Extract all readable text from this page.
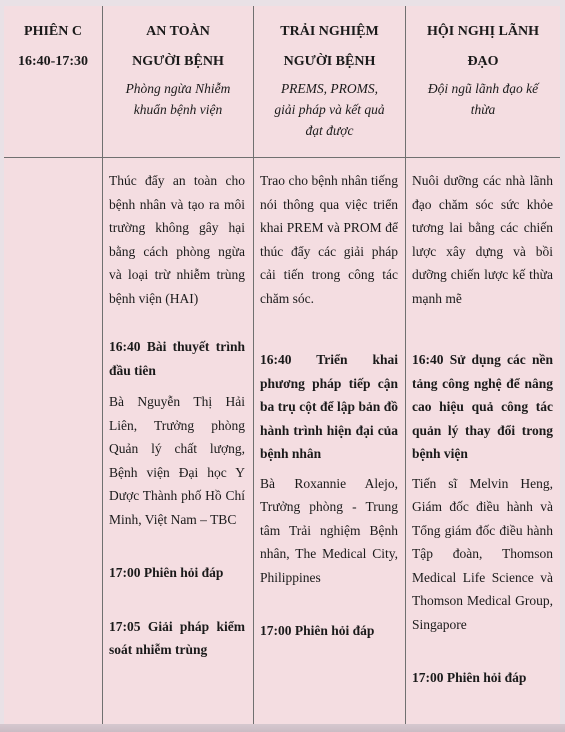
PHIÊN C
16:40-17:30
AN TOÀN
NGƯỜI BỆNH
Phòng ngừa Nhiễm khuẩn bệnh viện
TRẢI NGHIỆM
NGƯỜI BỆNH
PREMS, PROMS, giải pháp và kết quả đạt được
HỘI NGHỊ LÃNH
ĐẠO
Đội ngũ lãnh đạo kế thừa

Thúc đẩy an toàn cho bệnh nhân và tạo ra môi trường không gây hại bằng cách phòng ngừa và loại trừ nhiễm trùng bệnh viện (HAI)

16:40 Bài thuyết trình đầu tiên

Bà Nguyễn Thị Hải Liên, Trưởng phòng Quản lý chất lượng, Bệnh viện Đại học Y Dược Thành phố Hồ Chí Minh, Việt Nam – TBC

17:00 Phiên hỏi đáp

17:05 Giải pháp kiểm soát nhiễm trùng

Trao cho bệnh nhân tiếng nói thông qua việc triển khai PREM và PROM để thúc đẩy các giải pháp cải tiến trong công tác chăm sóc.

16:40 Triển khai phương pháp tiếp cận ba trụ cột để lập bản đồ hành trình hiện đại của bệnh nhân

Bà Roxannie Alejo, Trưởng phòng - Trung tâm Trải nghiệm Bệnh nhân, The Medical City, Philippines

17:00 Phiên hỏi đáp

Nuôi dưỡng các nhà lãnh đạo chăm sóc sức khỏe tương lai bằng các chiến lược xây dựng và bồi dưỡng chiến lược kế thừa mạnh mẽ

16:40 Sử dụng các nền tảng công nghệ để nâng cao hiệu quả công tác quản lý thay đổi trong bệnh viện

Tiến sĩ Melvin Heng, Giám đốc điều hành và Tổng giám đốc điều hành Tập đoàn, Thomson Medical Life Science và Thomson Medical Group, Singapore

17:00 Phiên hỏi đáp
